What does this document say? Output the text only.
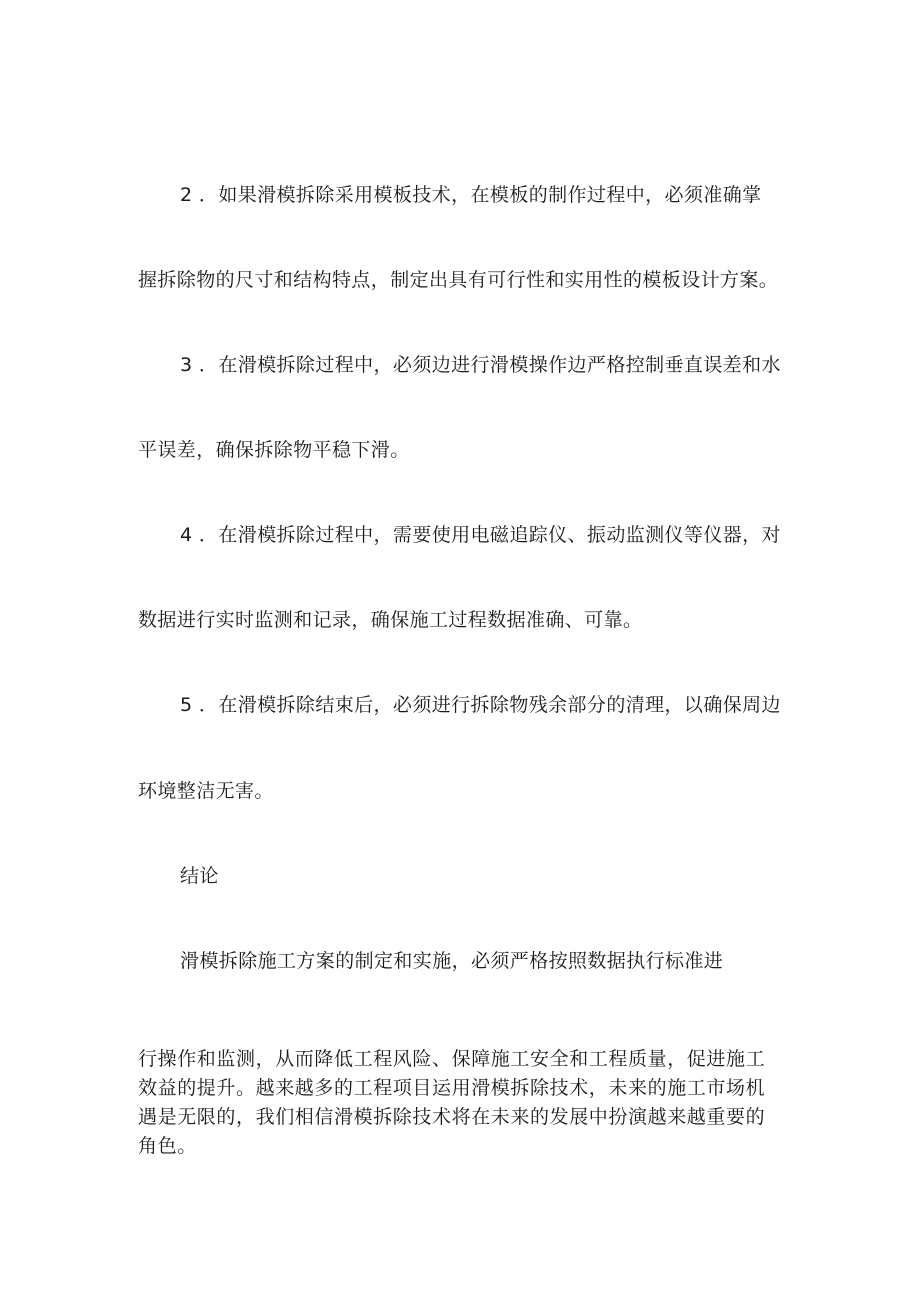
2 ．如果滑模拆除采用模板技术，在模板的制作过程中，必须准确掌
握拆除物的尺寸和结构特点，制定出具有可行性和实用性的模板设计方案。
3 ．在滑模拆除过程中，必须边进行滑模操作边严格控制垂直误差和水
平误差，确保拆除物平稳下滑。
4 ．在滑模拆除过程中，需要使用电磁追踪仪、振动监测仪等仪器，对
数据进行实时监测和记录，确保施工过程数据准确、可靠。
5 ．在滑模拆除结束后，必须进行拆除物残余部分的清理，以确保周边
环境整洁无害。
结论
滑模拆除施工方案的制定和实施，必须严格按照数据执行标准进
行操作和监测，从而降低工程风险、保障施工安全和工程质量，促进施工
效益的提升。越来越多的工程项目运用滑模拆除技术，未来的施工市场机
遇是无限的，我们相信滑模拆除技术将在未来的发展中扮演越来越重要的
角色。
